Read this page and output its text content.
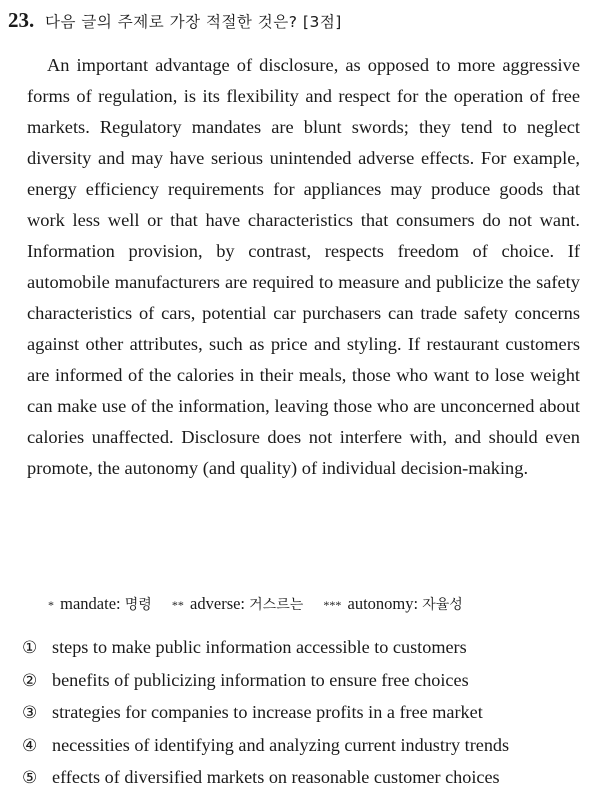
23. 다음 글의 주제로 가장 적절한 것은? [3점]

An important advantage of disclosure, as opposed to more aggressive forms of regulation, is its flexibility and respect for the operation of free markets. Regulatory mandates are blunt swords; they tend to neglect diversity and may have serious unintended adverse effects. For example, energy efficiency requirements for appliances may produce goods that work less well or that have characteristics that consumers do not want. Information provision, by contrast, respects freedom of choice. If automobile manufacturers are required to measure and publicize the safety characteristics of cars, potential car purchasers can trade safety concerns against other attributes, such as price and styling. If restaurant customers are informed of the calories in their meals, those who want to lose weight can make use of the information, leaving those who are unconcerned about calories unaffected. Disclosure does not interfere with, and should even promote, the autonomy (and quality) of individual decision-making.

* mandate: 명령 ** adverse: 거스르는 *** autonomy: 자율성
① steps to make public information accessible to customers
② benefits of publicizing information to ensure free choices
③ strategies for companies to increase profits in a free market
④ necessities of identifying and analyzing current industry trends
⑤ effects of diversified markets on reasonable customer choices
